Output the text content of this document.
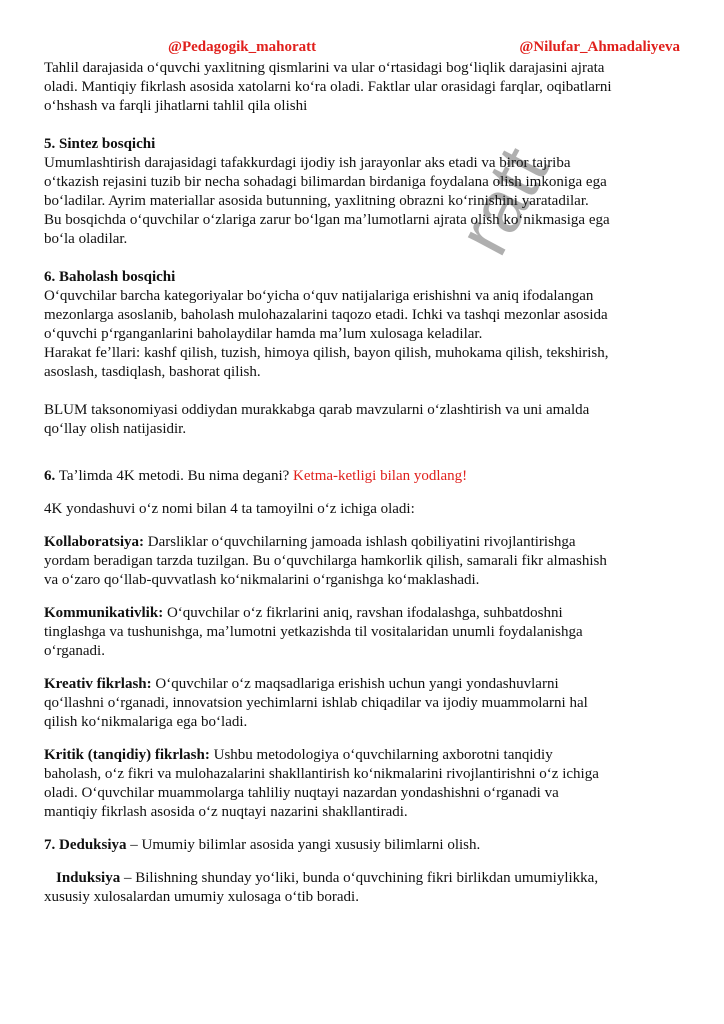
ratt
@Pedagogik_mahoratt	@Nilufar_Ahmadaliyeva

Tahlil darajasida oʻquvchi yaxlitning qismlarini va ular oʻrtasidagi bogʻliqlik darajasini ajrata

oladi. Mantiqiy fikrlash asosida xatolarni koʻra oladi. Faktlar ular orasidagi farqlar, oqibatlarni

oʻhshash va farqli jihatlarni tahlil qila olishi

5. Sintez bosqichi

Umumlashtirish darajasidagi tafakkurdagi ijodiy ish jarayonlar aks etadi va biror tajriba

oʻtkazish rejasini tuzib bir necha sohadagi bilimardan birdaniga foydalana olish imkoniga ega

boʻladilar. Ayrim materiallar asosida butunning, yaxlitning obrazni koʻrinishini yaratadilar.

Bu bosqichda oʻquvchilar oʻzlariga zarur boʻlgan maʼlumotlarni ajrata olish koʻnikmasiga ega

boʻla oladilar.

6. Baholash bosqichi

Oʻquvchilar barcha kategoriyalar boʻyicha oʻquv natijalariga erishishni va aniq ifodalangan

mezonlarga asoslanib, baholash mulohazalarini taqozo etadi. Ichki va tashqi mezonlar asosida

oʻquvchi pʻrganganlarini baholaydilar hamda maʼlum xulosaga keladilar.

Harakat feʼllari: kashf qilish, tuzish, himoya qilish, bayon qilish, muhokama qilish, tekshirish,

asoslash, tasdiqlash, bashorat qilish.

BLUM taksonomiyasi oddiydan murakkabga qarab mavzularni oʻzlashtirish va uni amalda

qoʻllay olish natijasidir.

6. Taʼlimda 4K metodi. Bu nima degani? Ketma-ketligi bilan yodlang!

4K yondashuvi oʻz nomi bilan 4 ta tamoyilni oʻz ichiga oladi:

Kollaboratsiya: Darsliklar oʻquvchilarning jamoada ishlash qobiliyatini rivojlantirishga

yordam beradigan tarzda tuzilgan. Bu oʻquvchilarga hamkorlik qilish, samarali fikr almashish

va oʻzaro qoʻllab-quvvatlash koʻnikmalarini oʻrganishga koʻmaklashadi.

Kommunikativlik: Oʻquvchilar oʻz fikrlarini aniq, ravshan ifodalashga, suhbatdoshni

tinglashga va tushunishga, maʼlumotni yetkazishda til vositalaridan unumli foydalanishga

oʻrganadi.

Kreativ fikrlash: Oʻquvchilar oʻz maqsadlariga erishish uchun yangi yondashuvlarni

qoʻllashni oʻrganadi, innovatsion yechimlarni ishlab chiqadilar va ijodiy muammolarni hal

qilish koʻnikmalariga ega boʻladi.

Kritik (tanqidiy) fikrlash: Ushbu metodologiya oʻquvchilarning axborotni tanqidiy

baholash, oʻz fikri va mulohazalarini shakllantirish koʻnikmalarini rivojlantirishni oʻz ichiga

oladi. Oʻquvchilar muammolarga tahliliy nuqtayi nazardan yondashishni oʻrganadi va

mantiqiy fikrlash asosida oʻz nuqtayi nazarini shakllantiradi.

7. Deduksiya – Umumiy bilimlar asosida yangi xususiy bilimlarni olish.

Induksiya – Bilishning shunday yoʻliki, bunda oʻquvchining fikri birlikdan umumiylikka,

xususiy xulosalardan umumiy xulosaga oʻtib boradi.
